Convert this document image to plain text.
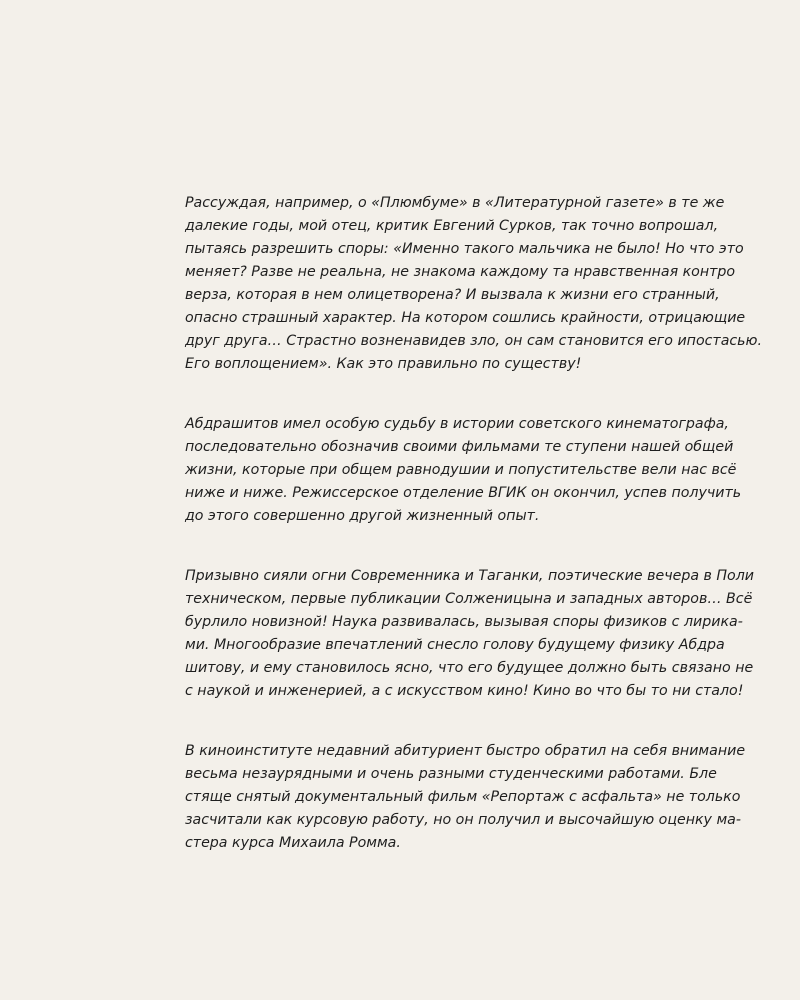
Рассуждая, например, о «Плюмбуме» в «Литературной газете» в те же
далекие годы, мой отец, критик Евгений Сурков, так точно вопрошал,
пытаясь разрешить споры: «Именно такого мальчика не было! Но что это
меняет? Разве не реальна, не знакома каждому та нравственная контро
верза, которая в нем олицетворена? И вызвала к жизни его странный,
опасно страшный характер. На котором сошлись крайности, отрицающие
друг друга… Страстно возненавидев зло, он сам становится его ипостасью.
Его воплощением». Как это правильно по существу!

Абдрашитов имел особую судьбу в истории советского кинематографа,
последовательно обозначив своими фильмами те ступени нашей общей
жизни, которые при общем равнодушии и попустительстве вели нас всё
ниже и ниже. Режиссерское отделение ВГИК он окончил, успев получить
до этого совершенно другой жизненный опыт.

Призывно сияли огни Современника и Таганки, поэтические вечера в Поли
техническом, первые публикации Солженицына и западных авторов… Всё
бурлило новизной! Наука развивалась, вызывая споры физиков с лирика-
ми. Многообразие впечатлений снесло голову будущему физику Абдра
шитову, и ему становилось ясно, что его будущее должно быть связано не
с наукой и инженерией, а с искусством кино! Кино во что бы то ни стало!

В киноинституте недавний абитуриент быстро обратил на себя внимание
весьма незаурядными и очень разными студенческими работами. Бле
стяще снятый документальный фильм «Репортаж с асфальта» не только
засчитали как курсовую работу, но он получил и высочайшую оценку ма-
стера курса Михаила Ромма.
